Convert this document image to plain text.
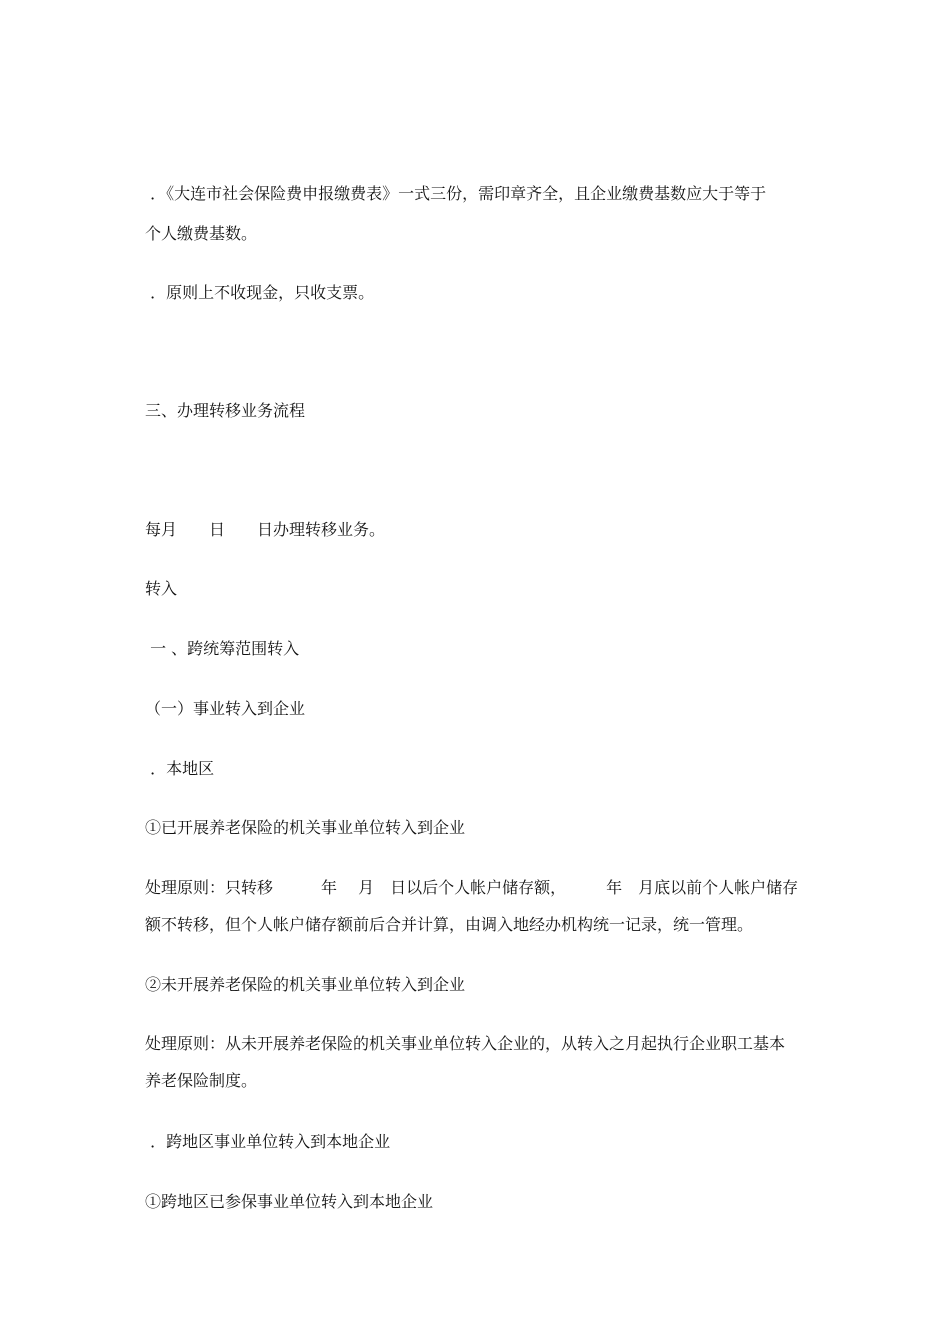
．《大连市社会保险费申报缴费表》一式三份，需印章齐全，且企业缴费基数应大于等于

个人缴费基数。

．原则上不收现金，只收支票。

三、办理转移业务流程

每月　　日　　日办理转移业务。

转入

一 、跨统筹范围转入

（一）事业转入到企业

．本地区

①已开展养老保险的机关事业单位转入到企业

处理原则：只转移　　　年　 月　日以后个人帐户储存额，　　　年　月底以前个人帐户储存

额不转移，但个人帐户储存额前后合并计算，由调入地经办机构统一记录，统一管理。

②未开展养老保险的机关事业单位转入到企业

处理原则：从未开展养老保险的机关事业单位转入企业的，从转入之月起执行企业职工基本

养老保险制度。

．跨地区事业单位转入到本地企业

①跨地区已参保事业单位转入到本地企业
